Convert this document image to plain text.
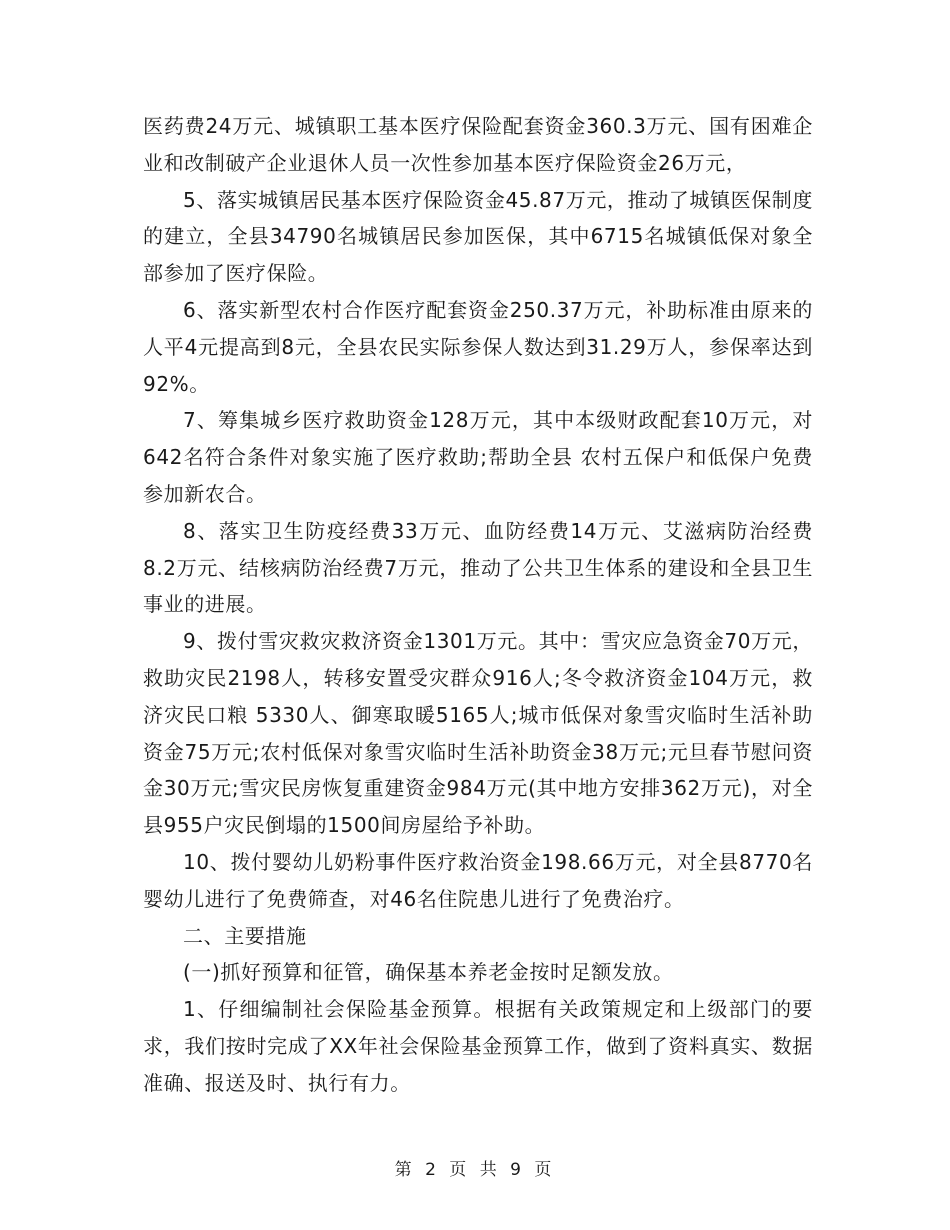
医药费24万元、城镇职工基本医疗保险配套资金360.3万元、国有困难企业和改制破产企业退休人员一次性参加基本医疗保险资金26万元，

5、落实城镇居民基本医疗保险资金45.87万元，推动了城镇医保制度的建立，全县34790名城镇居民参加医保，其中6715名城镇低保对象全部参加了医疗保险。

6、落实新型农村合作医疗配套资金250.37万元，补助标准由原来的人平4元提高到8元，全县农民实际参保人数达到31.29万人，参保率达到92%。

7、筹集城乡医疗救助资金128万元，其中本级财政配套10万元，对642名符合条件对象实施了医疗救助;帮助全县 农村五保户和低保户免费参加新农合。

8、落实卫生防疫经费33万元、血防经费14万元、艾滋病防治经费8.2万元、结核病防治经费7万元，推动了公共卫生体系的建设和全县卫生事业的进展。

9、拨付雪灾救灾救济资金1301万元。其中：雪灾应急资金70万元，救助灾民2198人，转移安置受灾群众916人;冬令救济资金104万元，救济灾民口粮 5330人、御寒取暖5165人;城市低保对象雪灾临时生活补助资金75万元;农村低保对象雪灾临时生活补助资金38万元;元旦春节慰问资金30万元;雪灾民房恢复重建资金984万元(其中地方安排362万元)，对全县955户灾民倒塌的1500间房屋给予补助。

10、拨付婴幼儿奶粉事件医疗救治资金198.66万元，对全县8770名婴幼儿进行了免费筛查，对46名住院患儿进行了免费治疗。

二、主要措施

(一)抓好预算和征管，确保基本养老金按时足额发放。

1、仔细编制社会保险基金预算。根据有关政策规定和上级部门的要求，我们按时完成了XX年社会保险基金预算工作，做到了资料真实、数据准确、报送及时、执行有力。

第 2 页 共 9 页
